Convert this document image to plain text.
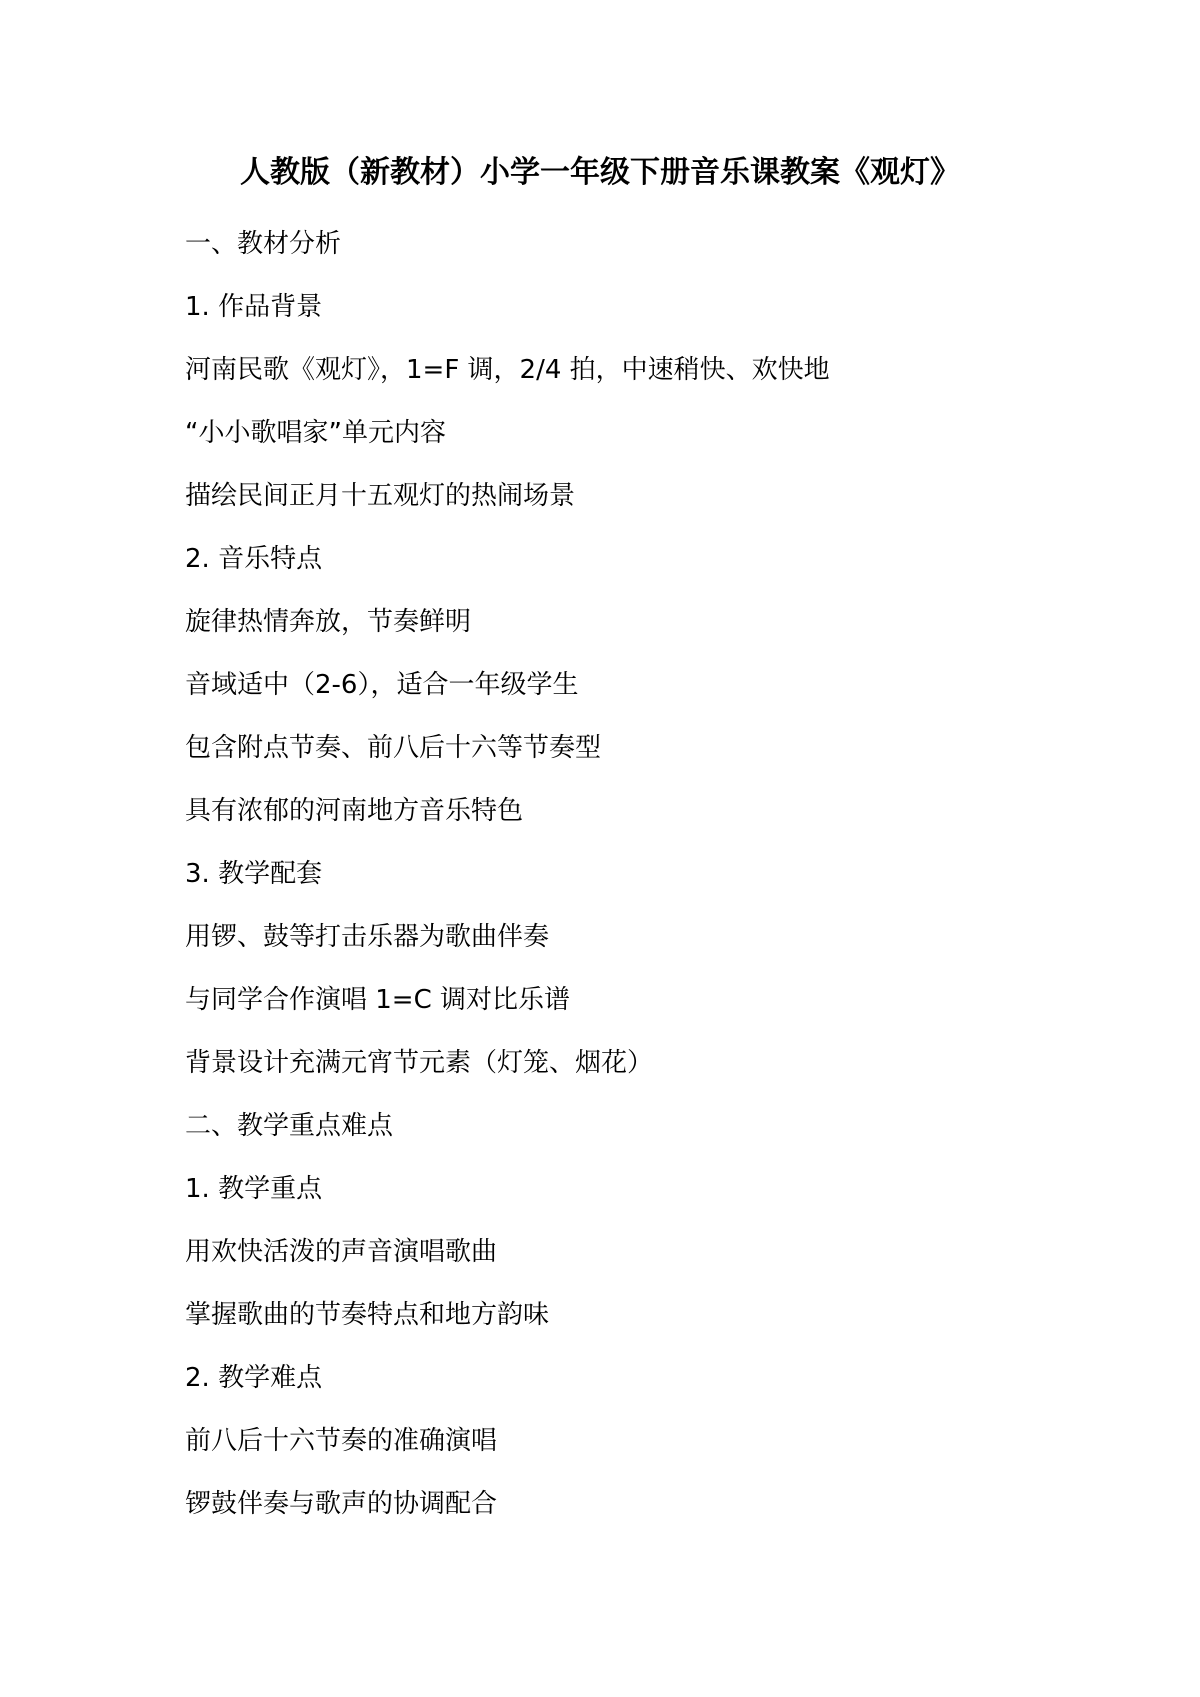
人教版（新教材）小学一年级下册音乐课教案《观灯》
一、教材分析
1. 作品背景
河南民歌《观灯》，1=F 调，2/4 拍，中速稍快、欢快地
“小小歌唱家”单元内容
描绘民间正月十五观灯的热闹场景
2. 音乐特点
旋律热情奔放，节奏鲜明
音域适中（2-6），适合一年级学生
包含附点节奏、前八后十六等节奏型
具有浓郁的河南地方音乐特色
3. 教学配套
用锣、鼓等打击乐器为歌曲伴奏
与同学合作演唱 1=C 调对比乐谱
背景设计充满元宵节元素（灯笼、烟花）
二、教学重点难点
1. 教学重点
用欢快活泼的声音演唱歌曲
掌握歌曲的节奏特点和地方韵味
2. 教学难点
前八后十六节奏的准确演唱
锣鼓伴奏与歌声的协调配合
